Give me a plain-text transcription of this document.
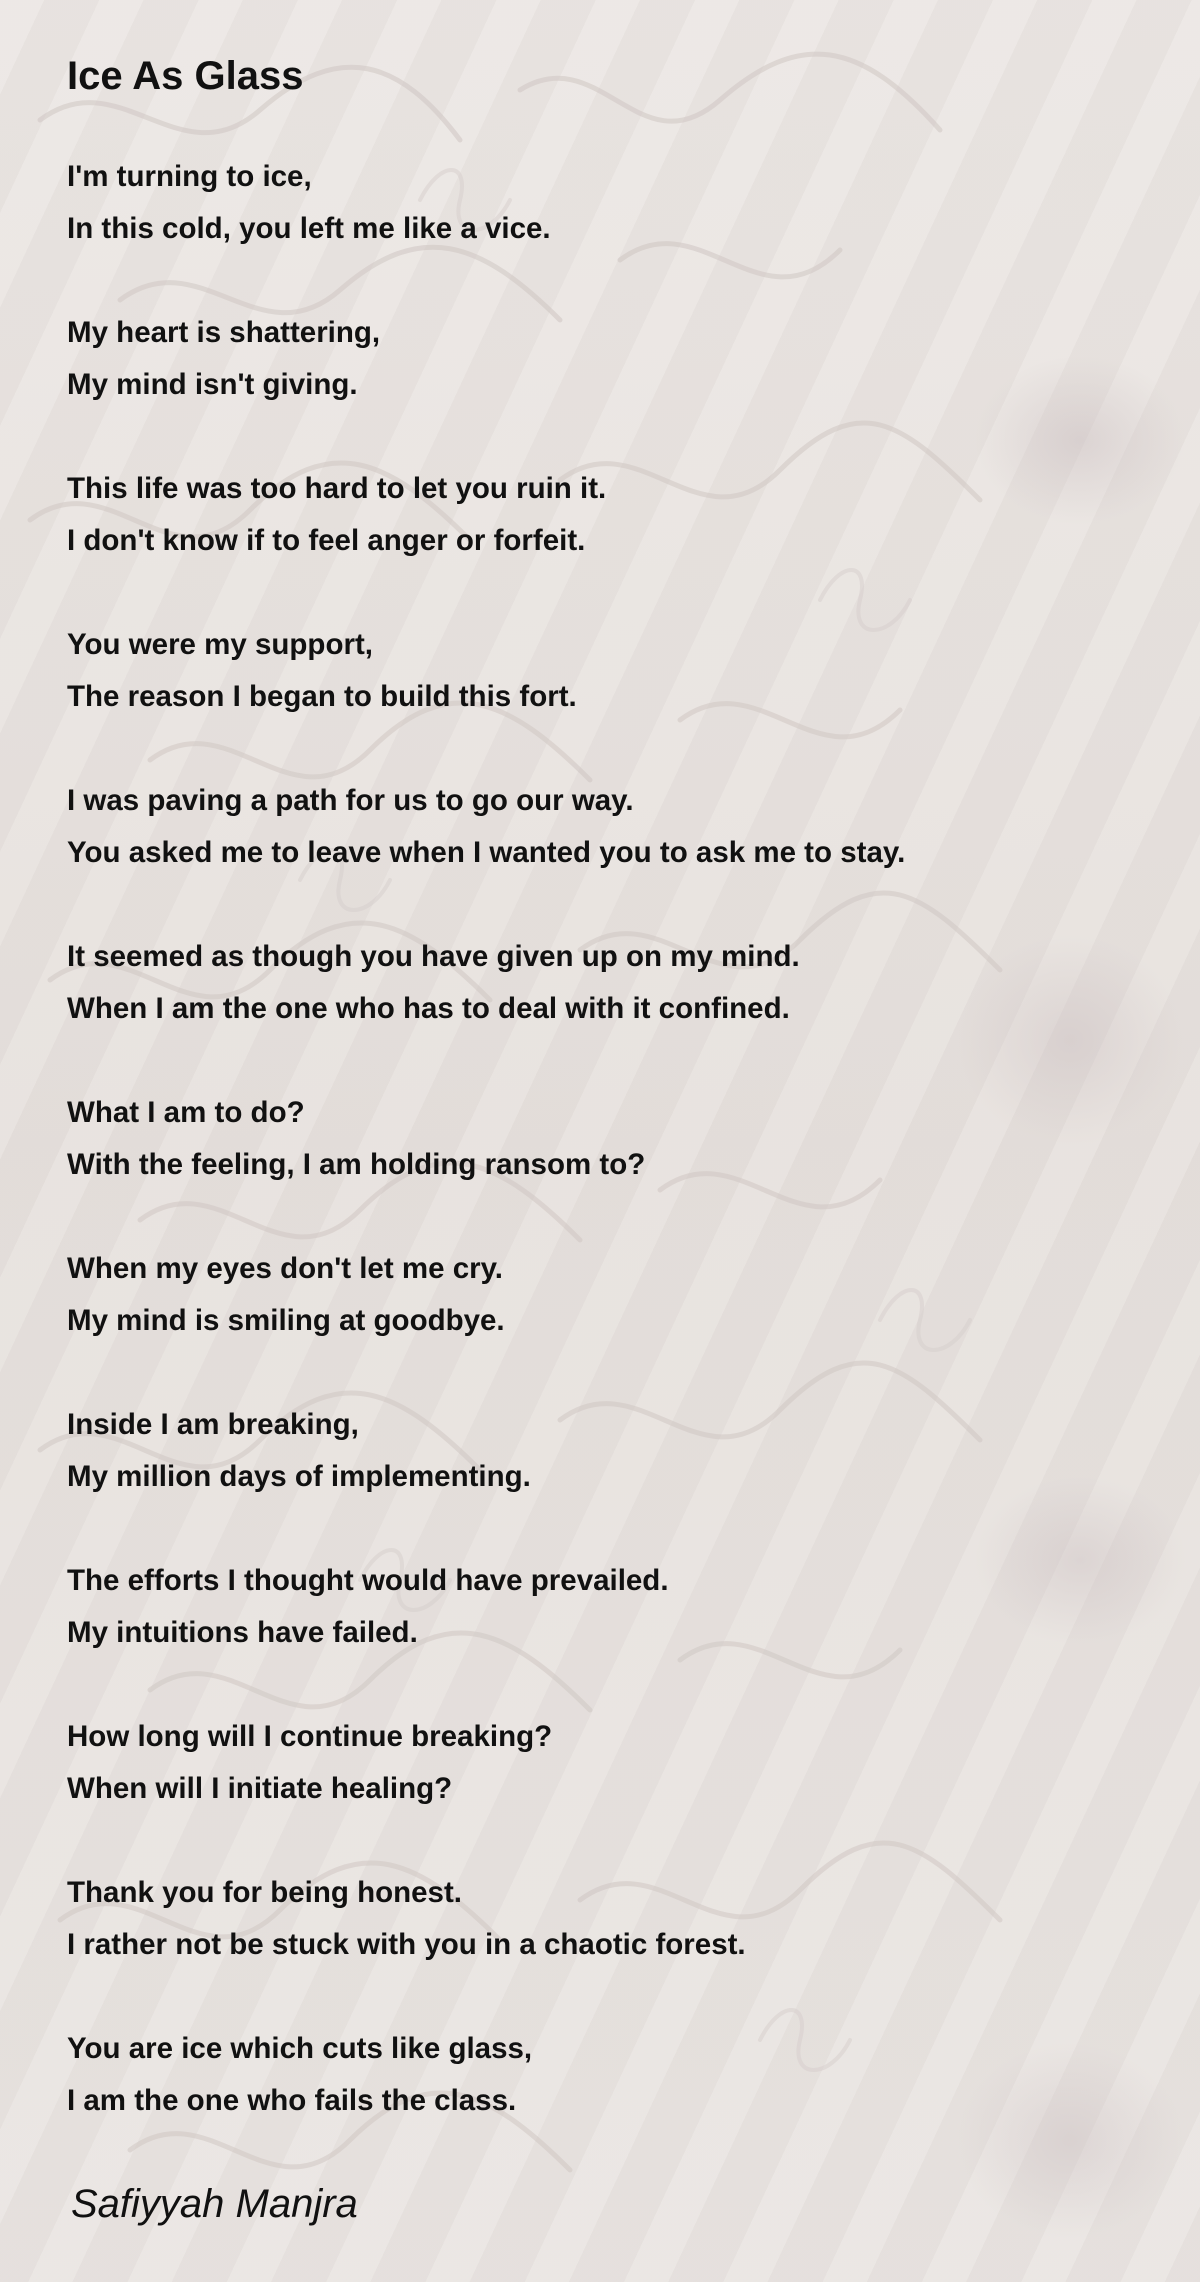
Ice As Glass
I'm turning to ice,
In this cold, you left me like a vice.
My heart is shattering,
My mind isn't giving.
This life was too hard to let you ruin it.
I don't know if to feel anger or forfeit.
You were my support,
The reason I began to build this fort.
I was paving a path for us to go our way.
You asked me to leave when I wanted you to ask me to stay.
It seemed as though you have given up on my mind.
When I am the one who has to deal with it confined.
What I am to do?
With the feeling, I am holding ransom to?
When my eyes don't let me cry.
My mind is smiling at goodbye.
Inside I am breaking,
My million days of implementing.
The efforts I thought would have prevailed.
My intuitions have failed.
How long will I continue breaking?
When will I initiate healing?
Thank you for being honest.
I rather not be stuck with you in a chaotic forest.
You are ice which cuts like glass,
I am the one who fails the class.

Safiyyah Manjra
